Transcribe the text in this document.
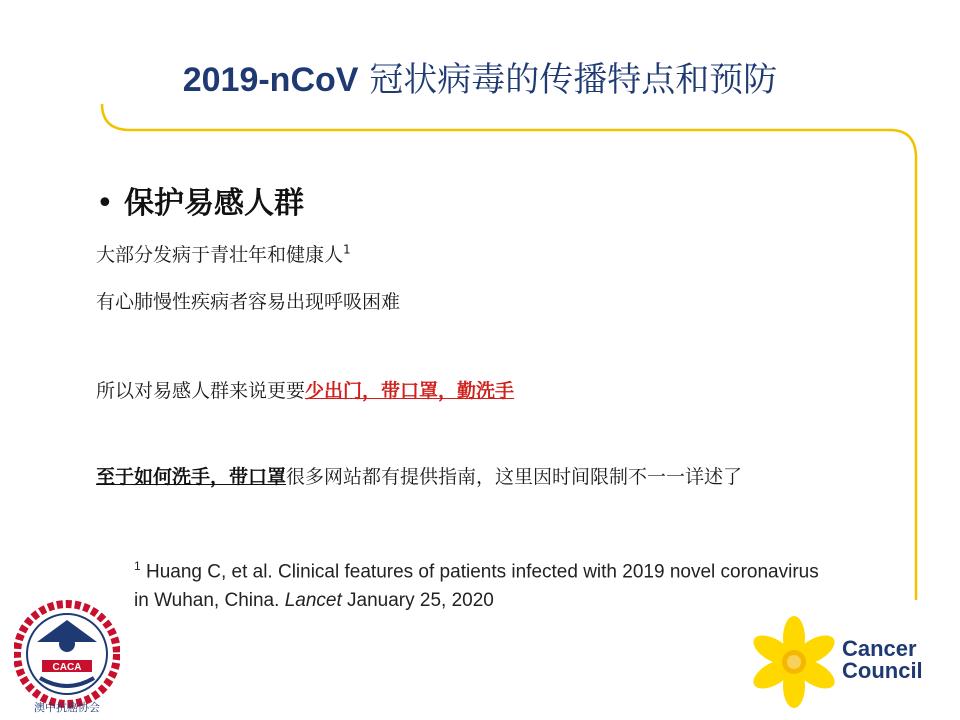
2019-nCoV 冠状病毒的传播特点和预防
• 保护易感人群
大部分发病于青壮年和健康人$^1$
有心肺慢性疾病者容易出现呼吸困难
所以对易感人群来说更要少出门，带口罩，勤洗手
至于如何洗手，带口罩很多网站都有提供指南，这里因时间限制不一一详述了
$^1$ Huang C, et al. Clinical features of patients infected with 2019 novel coronavirus in Wuhan, China. Lancet January 25, 2020
CACA
澳中抗癌协会
Cancer
Council
